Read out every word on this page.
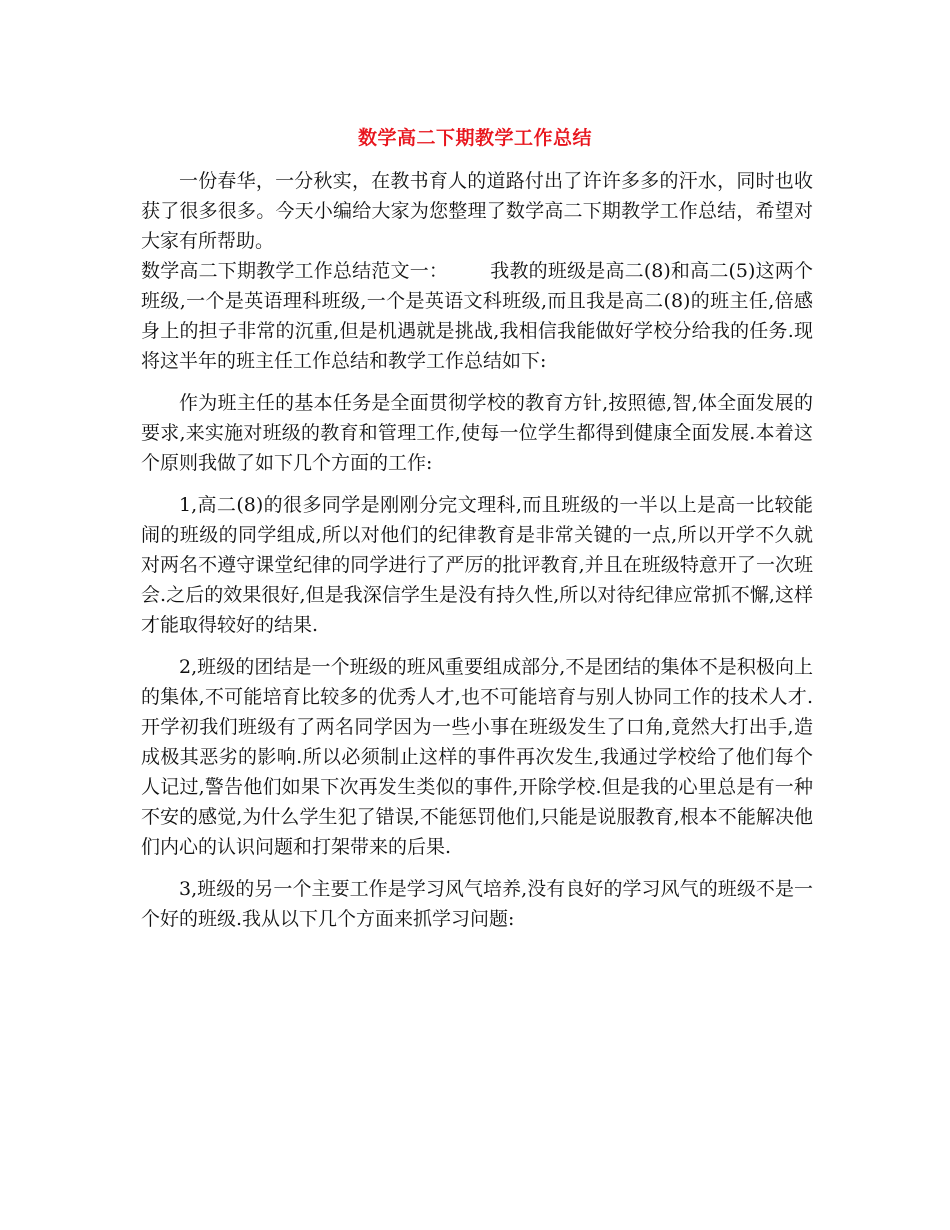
数学高二下期教学工作总结

一份春华，一分秋实，在教书育人的道路付出了许许多多的汗水，同时也收获了很多很多。今天小编给大家为您整理了数学高二下期教学工作总结，希望对大家有所帮助。

数学高二下期教学工作总结范文一： 我教的班级是高二(8)和高二(5)这两个班级,一个是英语理科班级,一个是英语文科班级,而且我是高二(8)的班主任,倍感身上的担子非常的沉重,但是机遇就是挑战,我相信我能做好学校分给我的任务.现将这半年的班主任工作总结和教学工作总结如下:

作为班主任的基本任务是全面贯彻学校的教育方针,按照德,智,体全面发展的要求,来实施对班级的教育和管理工作,使每一位学生都得到健康全面发展.本着这个原则我做了如下几个方面的工作:

1,高二(8)的很多同学是刚刚分完文理科,而且班级的一半以上是高一比较能闹的班级的同学组成,所以对他们的纪律教育是非常关键的一点,所以开学不久就对两名不遵守课堂纪律的同学进行了严厉的批评教育,并且在班级特意开了一次班会.之后的效果很好,但是我深信学生是没有持久性,所以对待纪律应常抓不懈,这样才能取得较好的结果.

2,班级的团结是一个班级的班风重要组成部分,不是团结的集体不是积极向上的集体,不可能培育比较多的优秀人才,也不可能培育与别人协同工作的技术人才.开学初我们班级有了两名同学因为一些小事在班级发生了口角,竟然大打出手,造成极其恶劣的影响.所以必须制止这样的事件再次发生,我通过学校给了他们每个人记过,警告他们如果下次再发生类似的事件,开除学校.但是我的心里总是有一种不安的感觉,为什么学生犯了错误,不能惩罚他们,只能是说服教育,根本不能解决他们内心的认识问题和打架带来的后果.

3,班级的另一个主要工作是学习风气培养,没有良好的学习风气的班级不是一个好的班级.我从以下几个方面来抓学习问题:
